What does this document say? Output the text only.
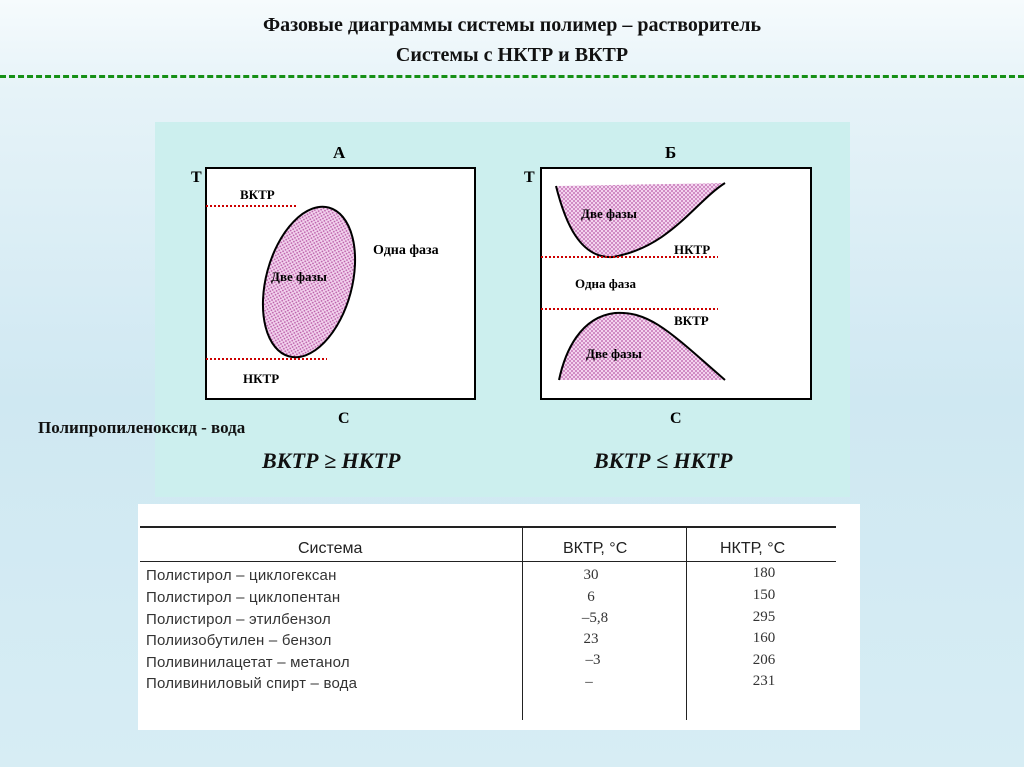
Фазовые диаграммы системы полимер – растворитель
Системы с НКТР и ВКТР
А
Т
С
ВКТР
НКТР
Две фазы
Одна фаза
Б
Т
С
Две фазы
НКТР
Одна фаза
ВКТР
Две фазы
Полипропиленоксид - вода
ВКТР ≥ НКТР	ВКТР ≤ НКТР
Система	ВКТР, °С	НКТР, °С
Полистирол – циклогексан	30	180
Полистирол – циклопентан	6	150
Полистирол – этилбензол	–5,8	295
Полиизобутилен – бензол	23	160
Поливинилацетат – метанол	–3	206
Поливиниловый спирт – вода	–	231
